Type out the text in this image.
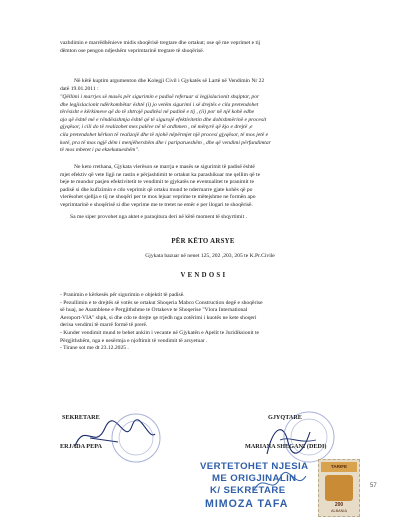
vazhdimin e marrëdhënieve midis shoqërisë tregtare dhe ortakut; ose që me veprimet e tij
dëmton ose pengon ndjeshëm veprimtarinë tregtare të shoqërisë.
Në këtë kuptim argumenton dhe Kolegji Civil i Gjykatës së Lartë në Vendimin Nr 22
datë 19.01.2011 :
"Qëllimi i marrjes së masës për sigurimin e padisë referuar si legjislacionit shqiptar, por
dhe legjislacionit ndërkombëtar është (i) jo vetëm sigurimi i së drejtës e cila pretendohet
tërësisht e kërkimeve që do të shtrojë paditësi në padinë e tij , (ii) por në një kohë edhe
ajo që është më e rëndësishmja është që të sigurojë efektivitetin dhe dobishmërinë e procesit
gjyqësor, i cili do të realizohet mes palëve në të ardhmen , në mënyrë që kjo e drejtë ,e
cila pretendohet kërkon të realizojë dhe të njohë nëpërmjet një procesi gjyqësor, të mos jetë e
kotë, pra të mos ngjë dëm i menjëhershëm dhe i pariparueshëm , dhe që vendimi përfundimtar
të mos mbetet i pa ekzekutueshëm".
Ne keto rrethana, Gjykata vlerëson se marrja e masës se sigurimit të padisë është
mjet efektiv që vete ligji ne rastin e përjashtimit te ortakut ka parashikuar me qellim që te
beje te mundur pasjen efektivitetit te vendimit te gjykatës ne eventualitet te pranimit te
padisë si dhe kufizimin e cdo veprimit që ortaku mund te ndermarre gjate kohës që po
vlerësohet sjellja e tij ne shoqëri per te mos lejuar veprime te mëtejshme ne formën apo
veprimtarinë e shoqërisë si dhe veprime me te tretet ne emër e per llogari te shoqërisë.
Sa me siper provohet nga aktet e paraqitura deri në këtë moment të shqyrtimit .
PËR KËTO ARSYE
Gjykata bazuar në nenet 125, 202 ,203, 205 te K.Pr.Civile
V E N D O S I
- Pranimin e kërkesës për sigurimin e objektit të padisë.
- Pezullimin e te drejtës së votës se ortakut Shoqeria Mabco Construction degë e shoqërise
së huaj, ne Asamblene e Pergjithshme te Ortakeve te Shoqerise "Vlora International
Aeroport-VIA" shpk, si dhe cdo te drejte qe rrjedh nga zotërimi i kuotës ne kete shoqeri
derisa vendimi të marrë formë të prerë.
- Kunder vendimit mund te behet ankim i vecante në Gjykatën e Apelit te Juridiksionit te
Përgjithshëm, nga e nesërmja e njoftimit të vendimit të arsyetuar .
- Tirane sot me dt 23.12.2025 .
SEKRETARE
ERJADA PEPA
GJYQTARE
MARIANA SHEGANI (DEDI)
VERTETOHET NJESIA
ME ORIGJINALIN
K/ SEKRETARE
MIMOZA TAFA
TARIFE
200
ALBANIA
57
